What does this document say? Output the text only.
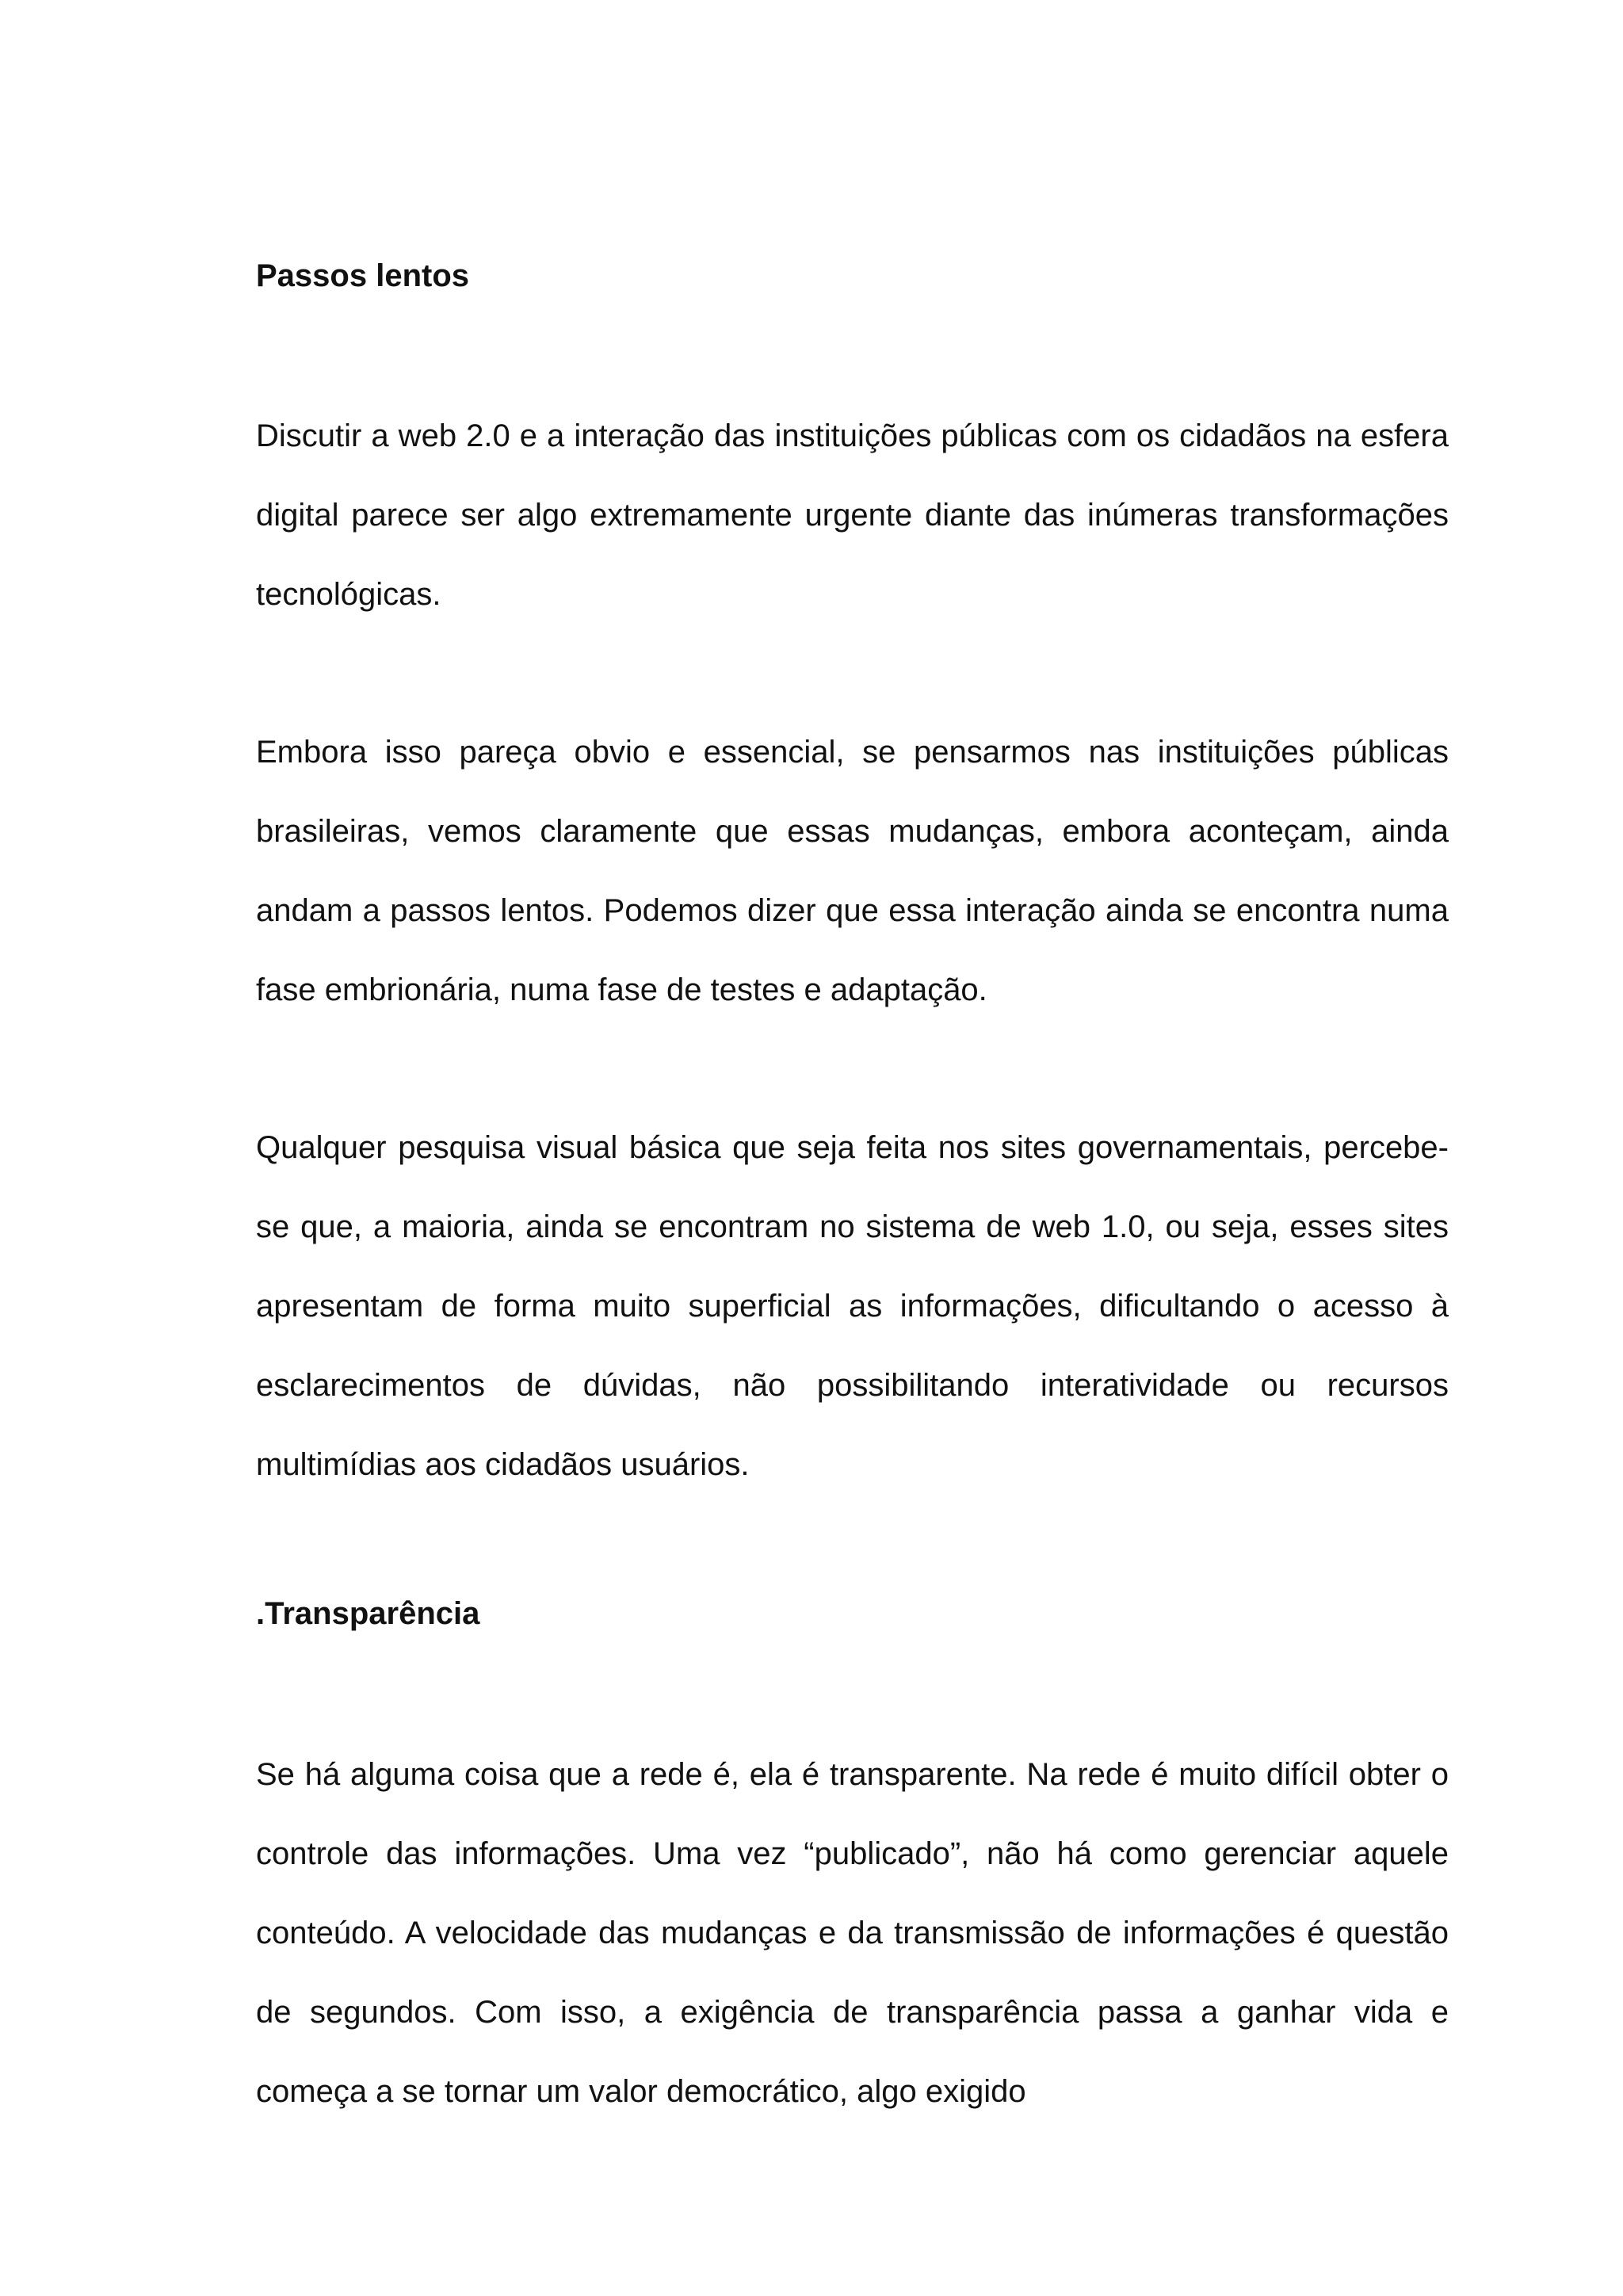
Passos lentos

Discutir a web 2.0 e a interação das instituições públicas com os cidadãos na esfera digital parece ser algo extremamente urgente diante das inúmeras transformações tecnológicas.

Embora isso pareça obvio e essencial, se pensarmos nas instituições públicas brasileiras, vemos claramente que essas mudanças, embora aconteçam, ainda andam a passos lentos. Podemos dizer que essa interação ainda se encontra numa fase embrionária, numa fase de testes e adaptação.

Qualquer pesquisa visual básica que seja feita nos sites governamentais, percebe-se que, a maioria, ainda se encontram no sistema de web 1.0, ou seja, esses sites apresentam de forma muito superficial as informações, dificultando o acesso à esclarecimentos de dúvidas, não possibilitando interatividade ou recursos multimídias aos cidadãos usuários.

.Transparência

Se há alguma coisa que a rede é, ela é transparente. Na rede é muito difícil obter o controle das informações. Uma vez “publicado”, não há como gerenciar aquele conteúdo. A velocidade das mudanças e da transmissão de informações é questão de segundos. Com isso, a exigência de transparência passa a ganhar vida e começa a se tornar um valor democrático, algo exigido
